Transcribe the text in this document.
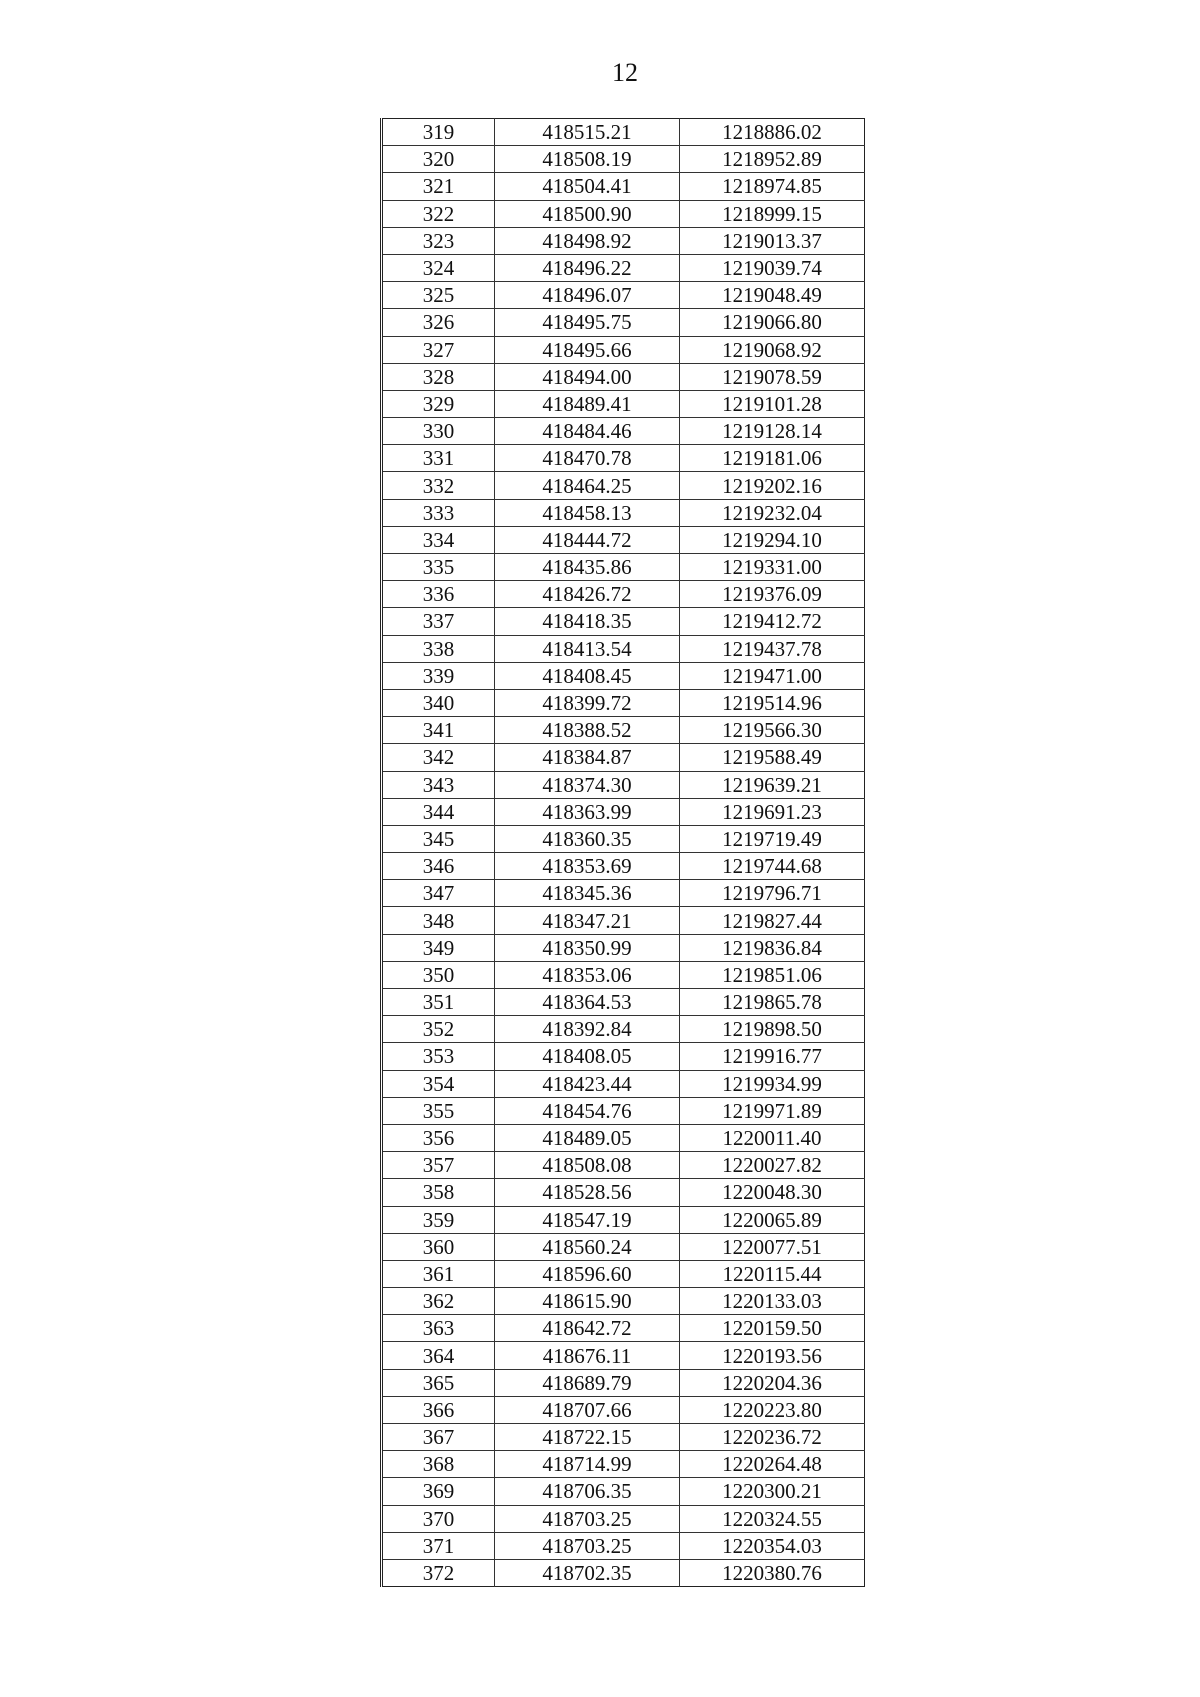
12
319	418515.21	1218886.02
320	418508.19	1218952.89
321	418504.41	1218974.85
322	418500.90	1218999.15
323	418498.92	1219013.37
324	418496.22	1219039.74
325	418496.07	1219048.49
326	418495.75	1219066.80
327	418495.66	1219068.92
328	418494.00	1219078.59
329	418489.41	1219101.28
330	418484.46	1219128.14
331	418470.78	1219181.06
332	418464.25	1219202.16
333	418458.13	1219232.04
334	418444.72	1219294.10
335	418435.86	1219331.00
336	418426.72	1219376.09
337	418418.35	1219412.72
338	418413.54	1219437.78
339	418408.45	1219471.00
340	418399.72	1219514.96
341	418388.52	1219566.30
342	418384.87	1219588.49
343	418374.30	1219639.21
344	418363.99	1219691.23
345	418360.35	1219719.49
346	418353.69	1219744.68
347	418345.36	1219796.71
348	418347.21	1219827.44
349	418350.99	1219836.84
350	418353.06	1219851.06
351	418364.53	1219865.78
352	418392.84	1219898.50
353	418408.05	1219916.77
354	418423.44	1219934.99
355	418454.76	1219971.89
356	418489.05	1220011.40
357	418508.08	1220027.82
358	418528.56	1220048.30
359	418547.19	1220065.89
360	418560.24	1220077.51
361	418596.60	1220115.44
362	418615.90	1220133.03
363	418642.72	1220159.50
364	418676.11	1220193.56
365	418689.79	1220204.36
366	418707.66	1220223.80
367	418722.15	1220236.72
368	418714.99	1220264.48
369	418706.35	1220300.21
370	418703.25	1220324.55
371	418703.25	1220354.03
372	418702.35	1220380.76
